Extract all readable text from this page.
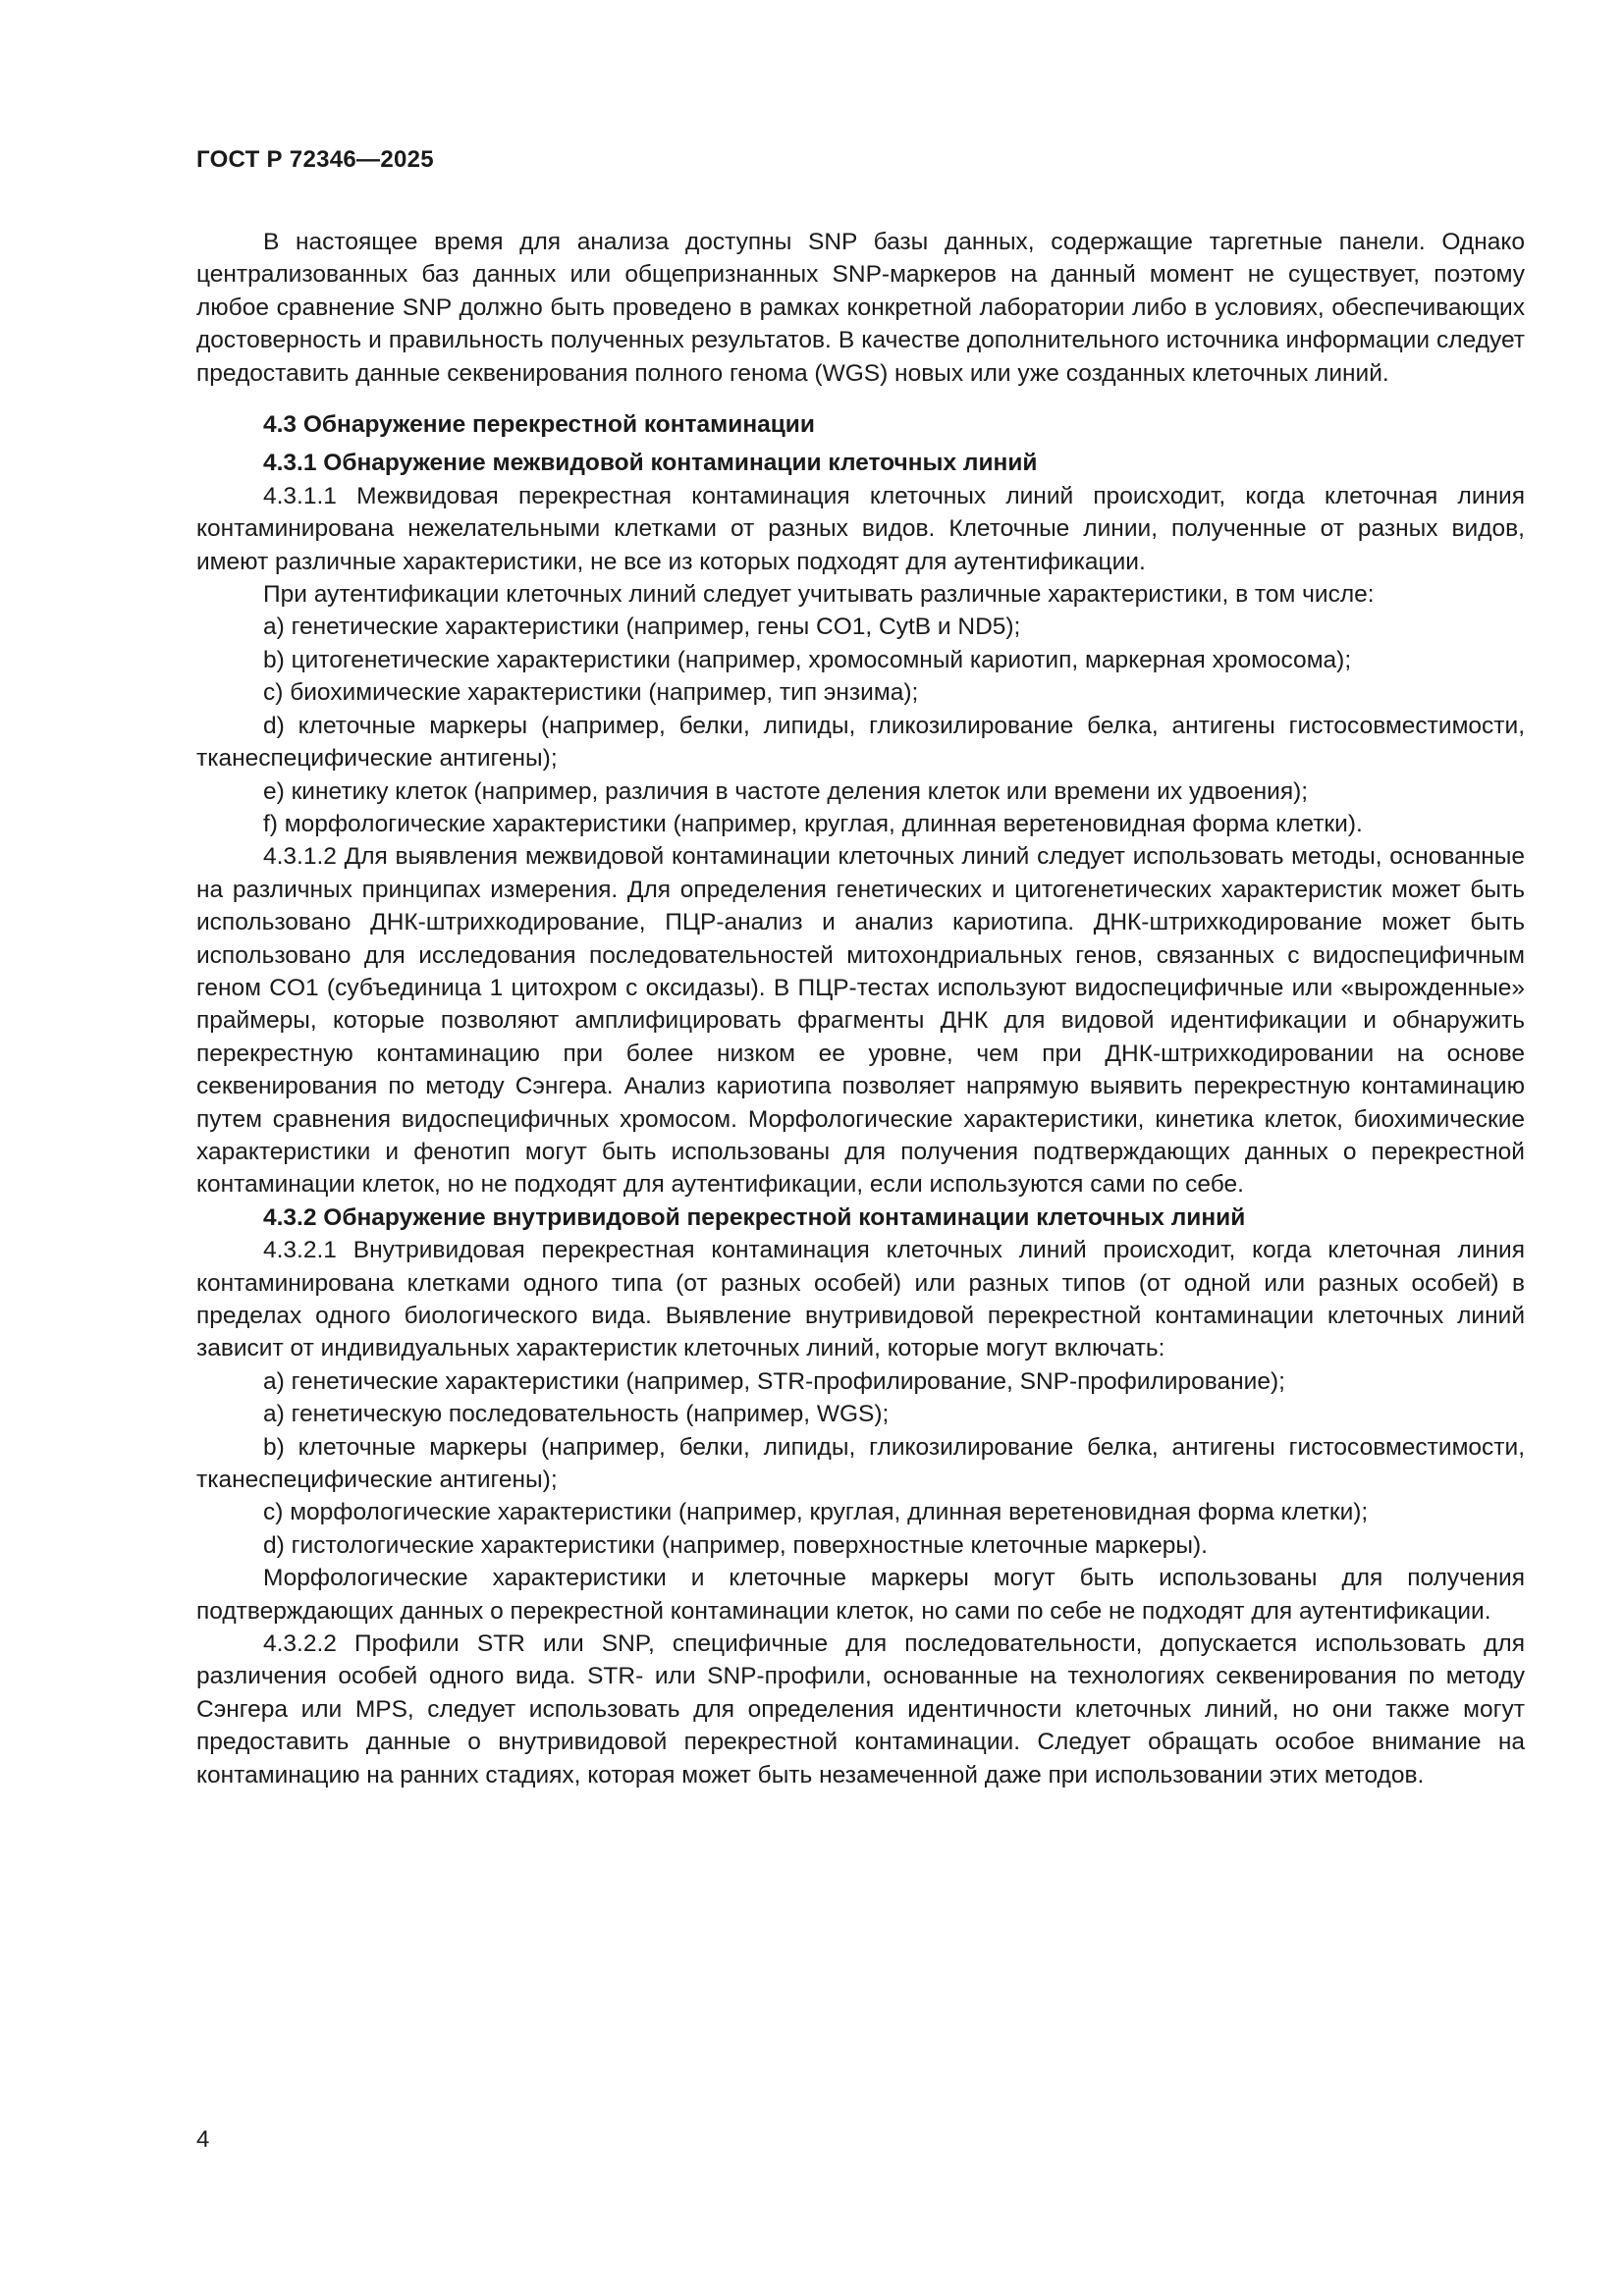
ГОСТ Р 72346—2025

В настоящее время для анализа доступны SNP базы данных, содержащие таргетные панели. Однако централизованных баз данных или общепризнанных SNP-маркеров на данный момент не существует, поэтому любое сравнение SNP должно быть проведено в рамках конкретной лаборатории либо в условиях, обеспечивающих достоверность и правильность полученных результатов. В качестве дополнительного источника информации следует предоставить данные секвенирования полного генома (WGS) новых или уже созданных клеточных линий.

4.3 Обнаружение перекрестной контаминации
4.3.1 Обнаружение межвидовой контаминации клеточных линий

4.3.1.1 Межвидовая перекрестная контаминация клеточных линий происходит, когда клеточная линия контаминирована нежелательными клетками от разных видов. Клеточные линии, полученные от разных видов, имеют различные характеристики, не все из которых подходят для аутентификации.

При аутентификации клеточных линий следует учитывать различные характеристики, в том числе:

a) генетические характеристики (например, гены CO1, CytB и ND5);

b) цитогенетические характеристики (например, хромосомный кариотип, маркерная хромосома);

c) биохимические характеристики (например, тип энзима);

d) клеточные маркеры (например, белки, липиды, гликозилирование белка, антигены гистосовместимости, тканеспецифические антигены);

e) кинетику клеток (например, различия в частоте деления клеток или времени их удвоения);

f) морфологические характеристики (например, круглая, длинная веретеновидная форма клетки).

4.3.1.2 Для выявления межвидовой контаминации клеточных линий следует использовать методы, основанные на различных принципах измерения. Для определения генетических и цитогенетических характеристик может быть использовано ДНК-штрихкодирование, ПЦР-анализ и анализ кариотипа. ДНК-штрихкодирование может быть использовано для исследования последовательностей митохондриальных генов, связанных с видоспецифичным геном CO1 (субъединица 1 цитохром с оксидазы). В ПЦР-тестах используют видоспецифичные или «вырожденные» праймеры, которые позволяют амплифицировать фрагменты ДНК для видовой идентификации и обнаружить перекрестную контаминацию при более низком ее уровне, чем при ДНК-штрихкодировании на основе секвенирования по методу Сэнгера. Анализ кариотипа позволяет напрямую выявить перекрестную контаминацию путем сравнения видоспецифичных хромосом. Морфологические характеристики, кинетика клеток, биохимические характеристики и фенотип могут быть использованы для получения подтверждающих данных о перекрестной контаминации клеток, но не подходят для аутентификации, если используются сами по себе.

4.3.2 Обнаружение внутривидовой перекрестной контаминации клеточных линий

4.3.2.1 Внутривидовая перекрестная контаминация клеточных линий происходит, когда клеточная линия контаминирована клетками одного типа (от разных особей) или разных типов (от одной или разных особей) в пределах одного биологического вида. Выявление внутривидовой перекрестной контаминации клеточных линий зависит от индивидуальных характеристик клеточных линий, которые могут включать:

a) генетические характеристики (например, STR-профилирование, SNP-профилирование);

a) генетическую последовательность (например, WGS);

b) клеточные маркеры (например, белки, липиды, гликозилирование белка, антигены гистосовместимости, тканеспецифические антигены);

c) морфологические характеристики (например, круглая, длинная веретеновидная форма клетки);

d) гистологические характеристики (например, поверхностные клеточные маркеры).

Морфологические характеристики и клеточные маркеры могут быть использованы для получения подтверждающих данных о перекрестной контаминации клеток, но сами по себе не подходят для аутентификации.

4.3.2.2 Профили STR или SNP, специфичные для последовательности, допускается использовать для различения особей одного вида. STR- или SNP-профили, основанные на технологиях секвенирования по методу Сэнгера или MPS, следует использовать для определения идентичности клеточных линий, но они также могут предоставить данные о внутривидовой перекрестной контаминации. Следует обращать особое внимание на контаминацию на ранних стадиях, которая может быть незамеченной даже при использовании этих методов.

4
